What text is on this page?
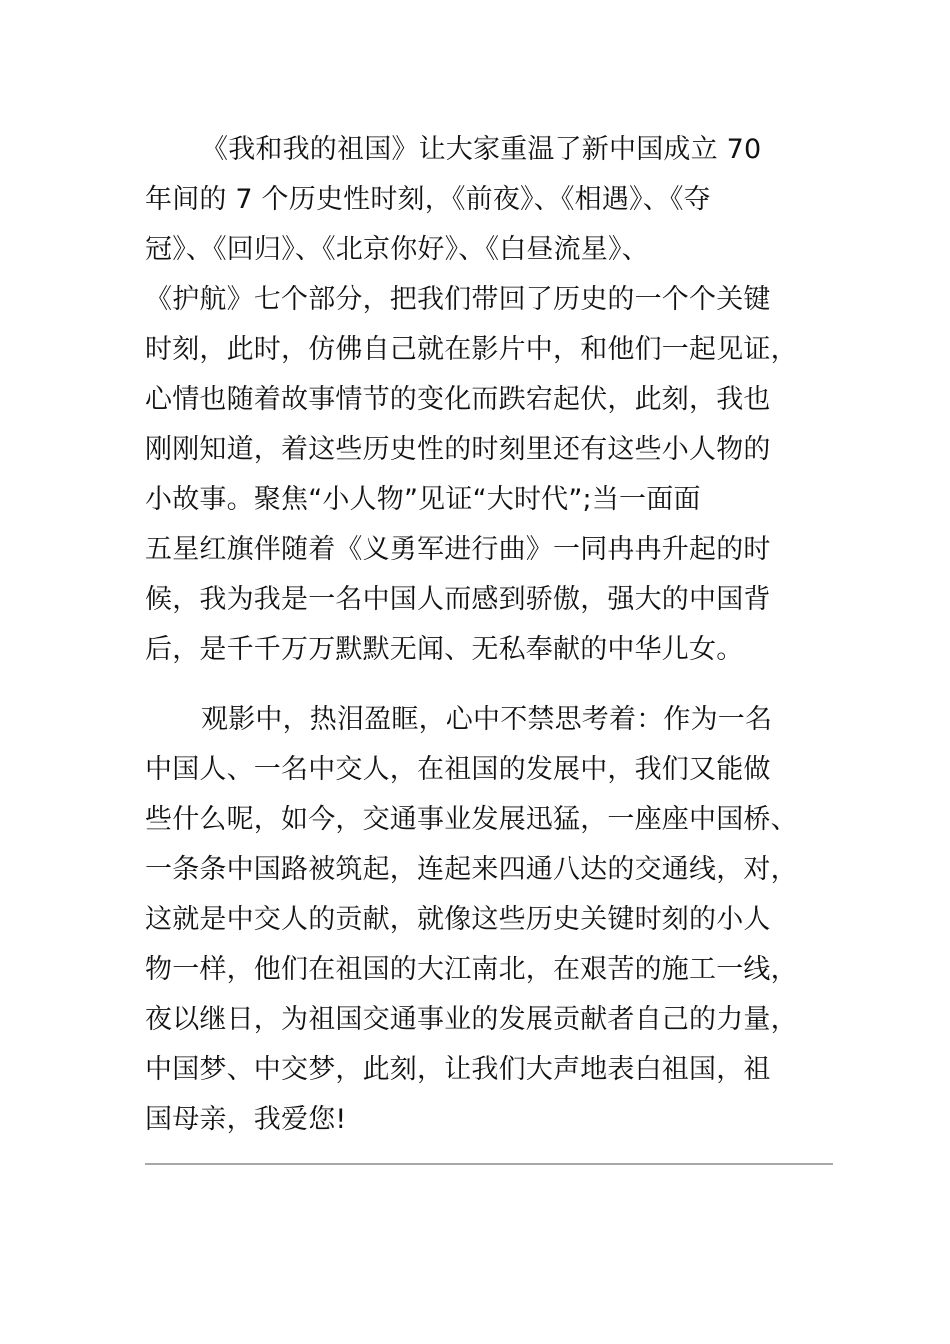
《我和我的祖国》让大家重温了新中国成立 70
年间的 7 个历史性时刻，《前夜》、《相遇》、《夺
冠》、《回归》、《北京你好》、《白昼流星》、
《护航》七个部分，把我们带回了历史的一个个关键
时刻，此时，仿佛自己就在影片中，和他们一起见证，
心情也随着故事情节的变化而跌宕起伏，此刻，我也
刚刚知道，着这些历史性的时刻里还有这些小人物的
小故事。聚焦“小人物”见证“大时代”;当一面面
五星红旗伴随着《义勇军进行曲》一同冉冉升起的时
候，我为我是一名中国人而感到骄傲，强大的中国背
后，是千千万万默默无闻、无私奉献的中华儿女。
观影中，热泪盈眶，心中不禁思考着：作为一名
中国人、一名中交人，在祖国的发展中，我们又能做
些什么呢，如今，交通事业发展迅猛，一座座中国桥、
一条条中国路被筑起，连起来四通八达的交通线，对，
这就是中交人的贡献，就像这些历史关键时刻的小人
物一样，他们在祖国的大江南北，在艰苦的施工一线，
夜以继日，为祖国交通事业的发展贡献者自己的力量，
中国梦、中交梦，此刻，让我们大声地表白祖国，祖
国母亲，我爱您!
